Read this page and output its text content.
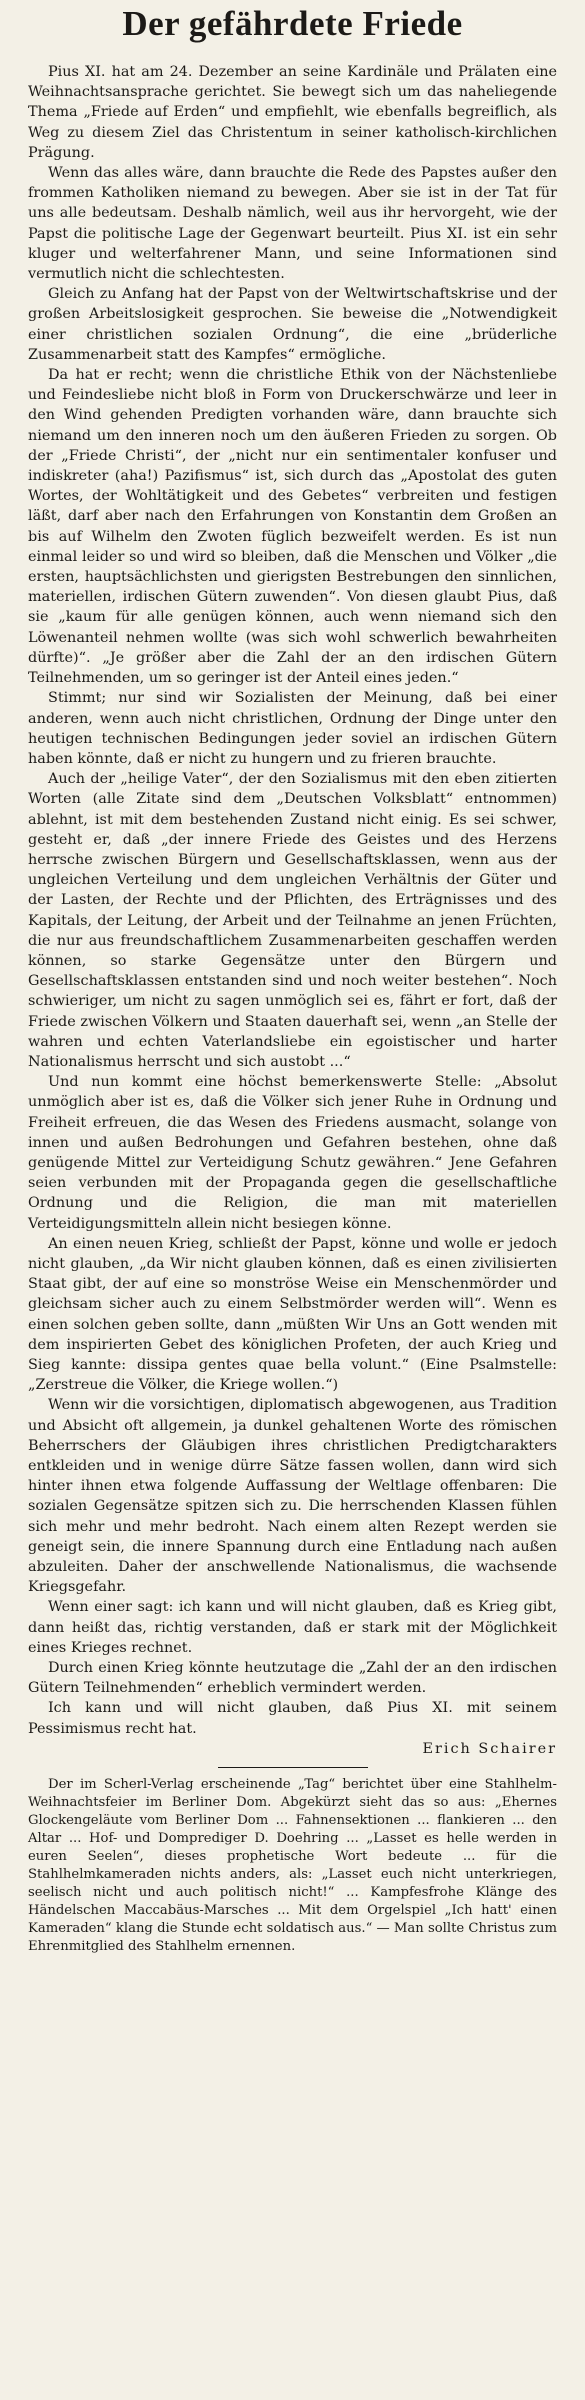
Der gefährdete Friede

Pius XI. hat am 24. Dezember an seine Kardinäle und Prälaten eine Weihnachtsansprache gerichtet. Sie bewegt sich um das naheliegende Thema „Friede auf Erden“ und empfiehlt, wie ebenfalls begreiflich, als Weg zu diesem Ziel das Christentum in seiner katholisch-kirchlichen Prägung.

Wenn das alles wäre, dann brauchte die Rede des Papstes außer den frommen Katholiken niemand zu bewegen. Aber sie ist in der Tat für uns alle bedeutsam. Deshalb nämlich, weil aus ihr hervorgeht, wie der Papst die politische Lage der Gegenwart beurteilt. Pius XI. ist ein sehr kluger und welterfahrener Mann, und seine Informationen sind vermutlich nicht die schlechtesten.

Gleich zu Anfang hat der Papst von der Weltwirtschaftskrise und der großen Arbeitslosigkeit gesprochen. Sie beweise die „Notwendigkeit einer christlichen sozialen Ordnung“, die eine „brüderliche Zusammenarbeit statt des Kampfes“ ermögliche.

Da hat er recht; wenn die christliche Ethik von der Nächstenliebe und Feindesliebe nicht bloß in Form von Druckerschwärze und leer in den Wind gehenden Predigten vorhanden wäre, dann brauchte sich niemand um den inneren noch um den äußeren Frieden zu sorgen. Ob der „Friede Christi“, der „nicht nur ein sentimentaler konfuser und indiskreter (aha!) Pazifismus“ ist, sich durch das „Apostolat des guten Wortes, der Wohltätigkeit und des Gebetes“ verbreiten und festigen läßt, darf aber nach den Erfahrungen von Konstantin dem Großen an bis auf Wilhelm den Zwoten füglich bezweifelt werden. Es ist nun einmal leider so und wird so bleiben, daß die Menschen und Völker „die ersten, hauptsächlichsten und gierigsten Bestrebungen den sinnlichen, materiellen, irdischen Gütern zuwenden“. Von diesen glaubt Pius, daß sie „kaum für alle genügen können, auch wenn niemand sich den Löwenanteil nehmen wollte (was sich wohl schwerlich bewahrheiten dürfte)“. „Je größer aber die Zahl der an den irdischen Gütern Teilnehmenden, um so geringer ist der Anteil eines jeden.“

Stimmt; nur sind wir Sozialisten der Meinung, daß bei einer anderen, wenn auch nicht christlichen, Ordnung der Dinge unter den heutigen technischen Bedingungen jeder soviel an irdischen Gütern haben könnte, daß er nicht zu hungern und zu frieren brauchte.

Auch der „heilige Vater“, der den Sozialismus mit den eben zitierten Worten (alle Zitate sind dem „Deutschen Volksblatt“ entnommen) ablehnt, ist mit dem bestehenden Zustand nicht einig. Es sei schwer, gesteht er, daß „der innere Friede des Geistes und des Herzens herrsche zwischen Bürgern und Gesellschaftsklassen, wenn aus der ungleichen Verteilung und dem ungleichen Verhältnis der Güter und der Lasten, der Rechte und der Pflichten, des Erträgnisses und des Kapitals, der Leitung, der Arbeit und der Teilnahme an jenen Früchten, die nur aus freundschaftlichem Zusammenarbeiten geschaffen werden können, so starke Gegensätze unter den Bürgern und Gesellschaftsklassen entstanden sind und noch weiter bestehen“. Noch schwieriger, um nicht zu sagen unmöglich sei es, fährt er fort, daß der Friede zwischen Völkern und Staaten dauerhaft sei, wenn „an Stelle der wahren und echten Vaterlandsliebe ein egoistischer und harter Nationalismus herrscht und sich austobt ...“

Und nun kommt eine höchst bemerkenswerte Stelle: „Absolut unmöglich aber ist es, daß die Völker sich jener Ruhe in Ordnung und Freiheit erfreuen, die das Wesen des Friedens ausmacht, solange von innen und außen Bedrohungen und Gefahren bestehen, ohne daß genügende Mittel zur Verteidigung Schutz gewähren.“ Jene Gefahren seien verbunden mit der Propaganda gegen die gesellschaftliche Ordnung und die Religion, die man mit materiellen Verteidigungsmitteln allein nicht besiegen könne.

An einen neuen Krieg, schließt der Papst, könne und wolle er jedoch nicht glauben, „da Wir nicht glauben können, daß es einen zivilisierten Staat gibt, der auf eine so monströse Weise ein Menschenmörder und gleichsam sicher auch zu einem Selbstmörder werden will“. Wenn es einen solchen geben sollte, dann „müßten Wir Uns an Gott wenden mit dem inspirierten Gebet des königlichen Profeten, der auch Krieg und Sieg kannte: dissipa gentes quae bella volunt.“ (Eine Psalmstelle: „Zerstreue die Völker, die Kriege wollen.“)

Wenn wir die vorsichtigen, diplomatisch abgewogenen, aus Tradition und Absicht oft allgemein, ja dunkel gehaltenen Worte des römischen Beherrschers der Gläubigen ihres christlichen Predigtcharakters entkleiden und in wenige dürre Sätze fassen wollen, dann wird sich hinter ihnen etwa folgende Auffassung der Weltlage offenbaren: Die sozialen Gegensätze spitzen sich zu. Die herrschenden Klassen fühlen sich mehr und mehr bedroht. Nach einem alten Rezept werden sie geneigt sein, die innere Spannung durch eine Entladung nach außen abzuleiten. Daher der anschwellende Nationalismus, die wachsende Kriegsgefahr.

Wenn einer sagt: ich kann und will nicht glauben, daß es Krieg gibt, dann heißt das, richtig verstanden, daß er stark mit der Möglichkeit eines Krieges rechnet.

Durch einen Krieg könnte heutzutage die „Zahl der an den irdischen Gütern Teilnehmenden“ erheblich vermindert werden.

Ich kann und will nicht glauben, daß Pius XI. mit seinem Pessimismus recht hat.

Erich Schairer

Der im Scherl-Verlag erscheinende „Tag“ berichtet über eine Stahlhelm-Weihnachtsfeier im Berliner Dom. Abgekürzt sieht das so aus: „Ehernes Glockengeläute vom Berliner Dom ... Fahnensektionen ... flankieren ... den Altar ... Hof- und Domprediger D. Doehring ... „Lasset es helle werden in euren Seelen“, dieses prophetische Wort bedeute ... für die Stahlhelmkameraden nichts anders, als: „Lasset euch nicht unterkriegen, seelisch nicht und auch politisch nicht!“ ... Kampfesfrohe Klänge des Händelschen Maccabäus-Marsches ... Mit dem Orgelspiel „Ich hatt' einen Kameraden“ klang die Stunde echt soldatisch aus.“ — Man sollte Christus zum Ehrenmitglied des Stahlhelm ernennen.
